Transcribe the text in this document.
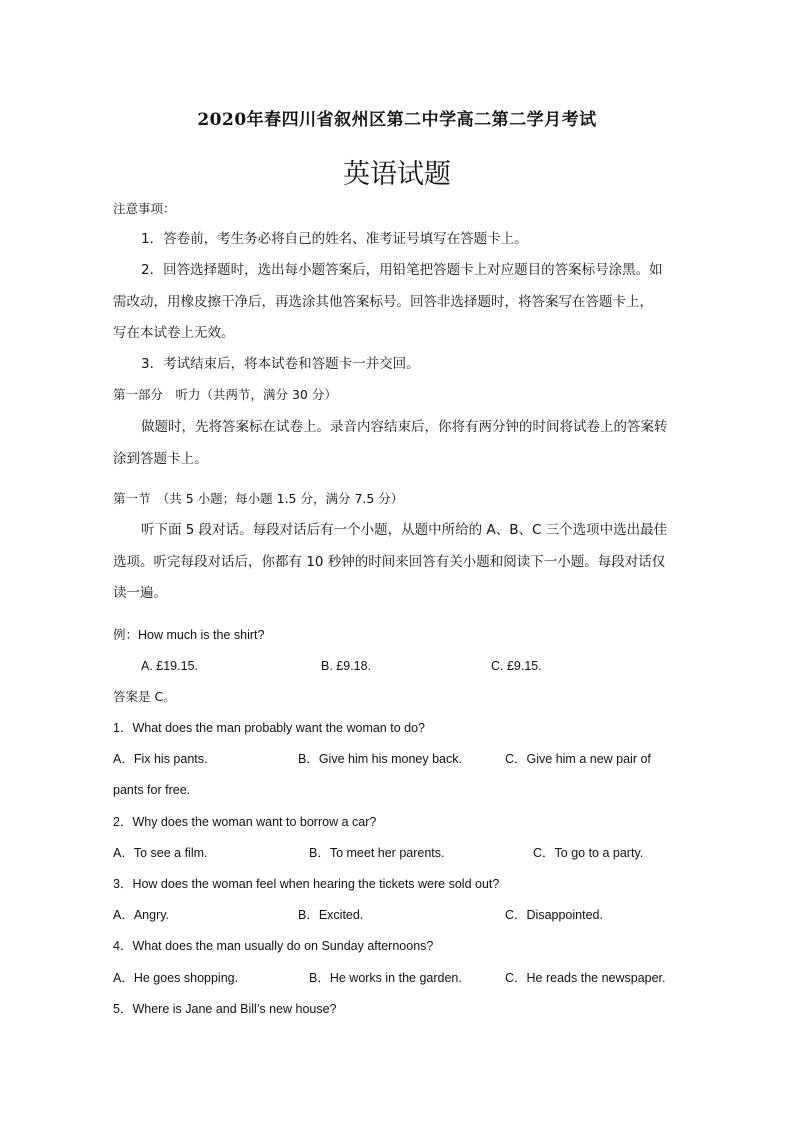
2020年春四川省叙州区第二中学高二第二学月考试
英语试题
注意事项：
1．答卷前，考生务必将自己的姓名、准考证号填写在答题卡上。
2．回答选择题时，选出每小题答案后，用铅笔把答题卡上对应题目的答案标号涂黑。如
需改动，用橡皮擦干净后，再选涂其他答案标号。回答非选择题时，将答案写在答题卡上，
写在本试卷上无效。
3．考试结束后，将本试卷和答题卡一并交回。
第一部分　听力（共两节，满分 30 分）
做题时，先将答案标在试卷上。录音内容结束后，你将有两分钟的时间将试卷上的答案转
涂到答题卡上。
第一节　（共 5 小题；每小题 1.5 分，满分 7.5 分）
听下面 5 段对话。每段对话后有一个小题，从题中所给的 A、B、C 三个选项中选出最佳
选项。听完每段对话后，你都有 10 秒钟的时间来回答有关小题和阅读下一小题。每段对话仅
读一遍。
例：How much is the shirt?
A. £19.15.	B. £9.18.	C. £9.15.
答案是 C。
1．What does the man probably want the woman to do?
A．Fix his pants.	B．Give him his money back.	C．Give him a new pair of
pants for free.
2．Why does the woman want to borrow a car?
A．To see a film.	B．To meet her parents.	C．To go to a party.
3．How does the woman feel when hearing the tickets were sold out?
A．Angry.	B．Excited.	C．Disappointed.
4．What does the man usually do on Sunday afternoons?
A．He goes shopping.	B．He works in the garden.	C．He reads the newspaper.
5．Where is Jane and Bill’s new house?
